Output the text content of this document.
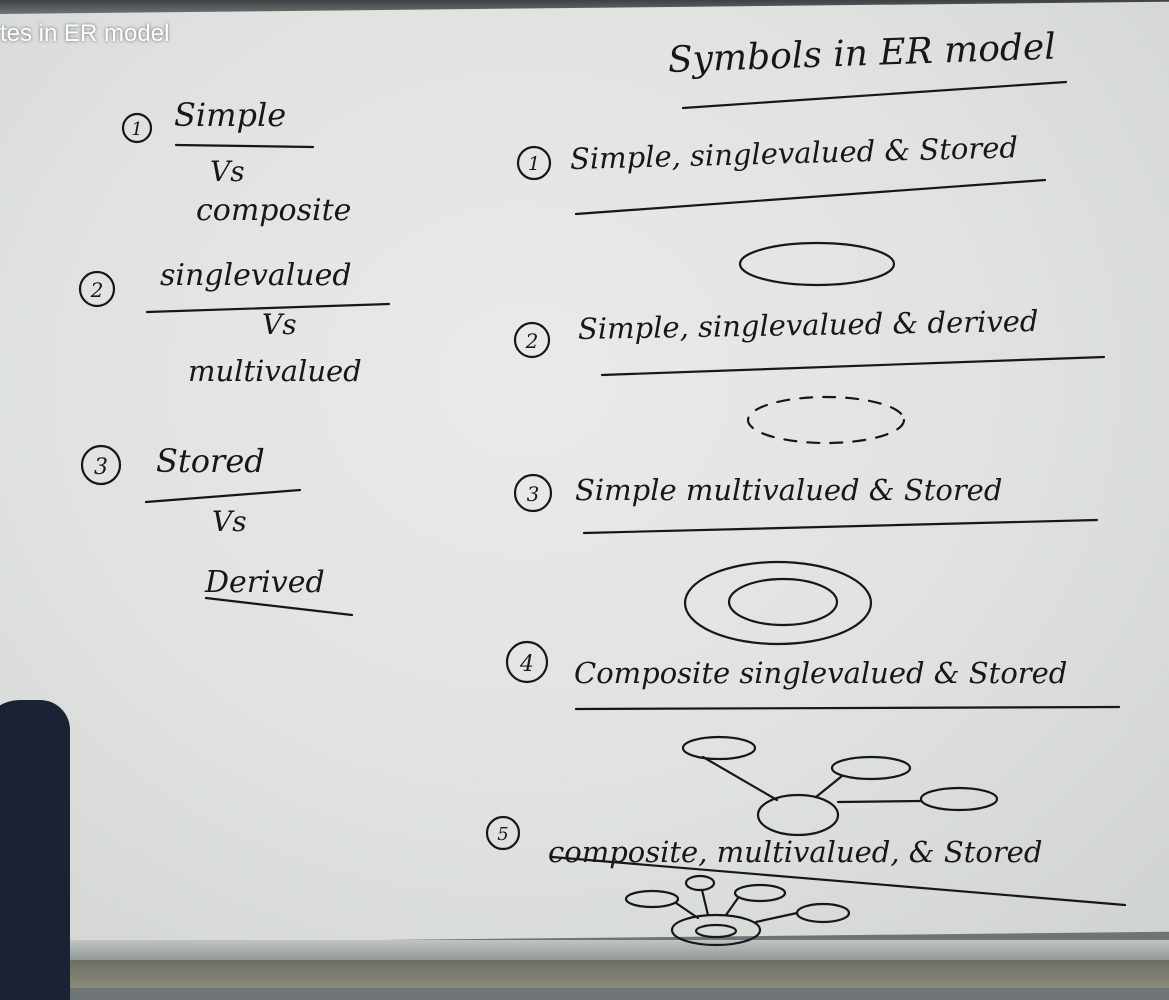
tes in ER model
Simple
Vs
composite
singlevalued
Vs
multivalued
Stored
Vs
Derived
Symbols in ER model
Simple, singlevalued & Stored
Simple, singlevalued & derived
Simple multivalued & Stored
Composite singlevalued & Stored
composite, multivalued, & Stored
1
2
3
1
2
3
4
5
